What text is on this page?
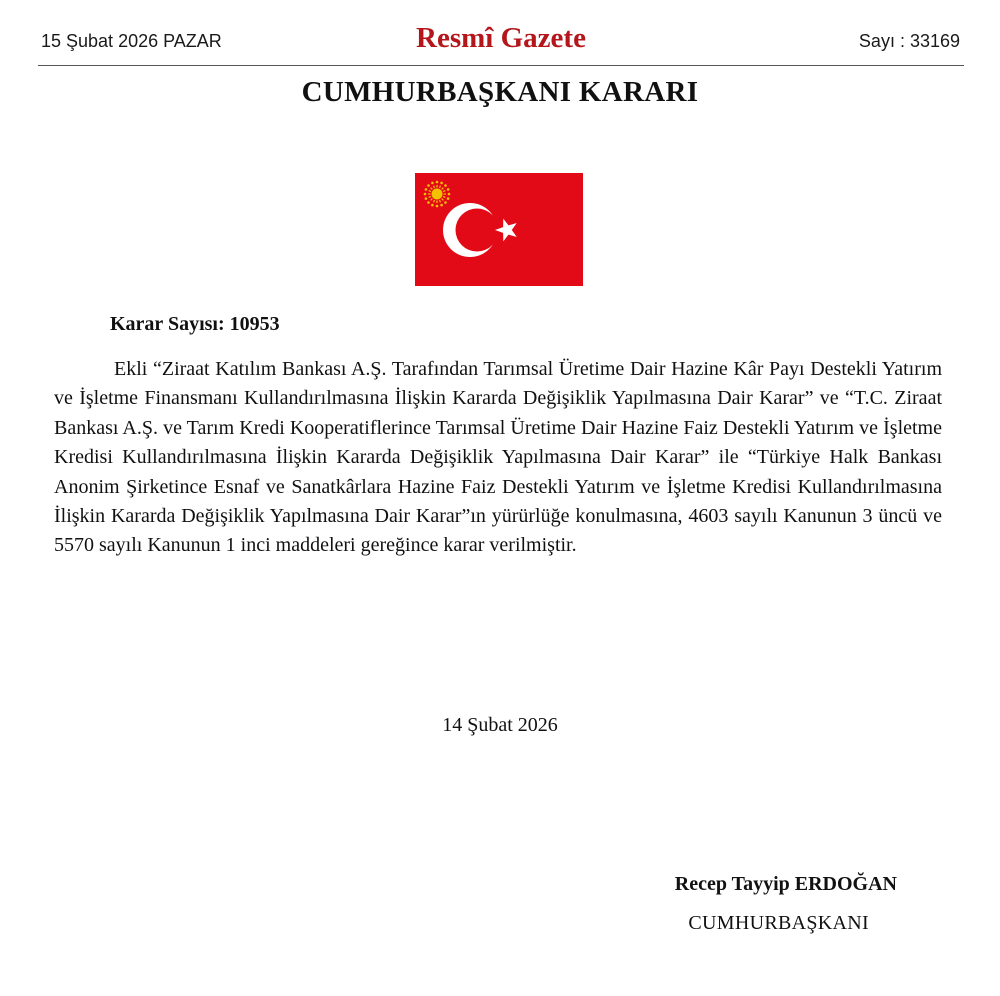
15 Şubat 2026 PAZAR	Resmî Gazete	Sayı : 33169
CUMHURBAŞKANI KARARI
Karar Sayısı: 10953

Ekli “Ziraat Katılım Bankası A.Ş. Tarafından Tarımsal Üretime Dair Hazine Kâr Payı Destekli Yatırım ve İşletme Finansmanı Kullandırılmasına İlişkin Kararda Değişiklik Yapılmasına Dair Karar” ve “T.C. Ziraat Bankası A.Ş. ve Tarım Kredi Kooperatiflerince Tarımsal Üretime Dair Hazine Faiz Destekli Yatırım ve İşletme Kredisi Kullandırılmasına İlişkin Kararda Değişiklik Yapılmasına Dair Karar” ile “Türkiye Halk Bankası Anonim Şirketince Esnaf ve Sanatkârlara Hazine Faiz Destekli Yatırım ve İşletme Kredisi Kullandırılmasına İlişkin Kararda Değişiklik Yapılmasına Dair Karar”ın yürürlüğe konulmasına, 4603 sayılı Kanunun 3 üncü ve 5570 sayılı Kanunun 1 inci maddeleri gereğince karar verilmiştir.

14 Şubat 2026
Recep Tayyip ERDOĞAN
CUMHURBAŞKANI
